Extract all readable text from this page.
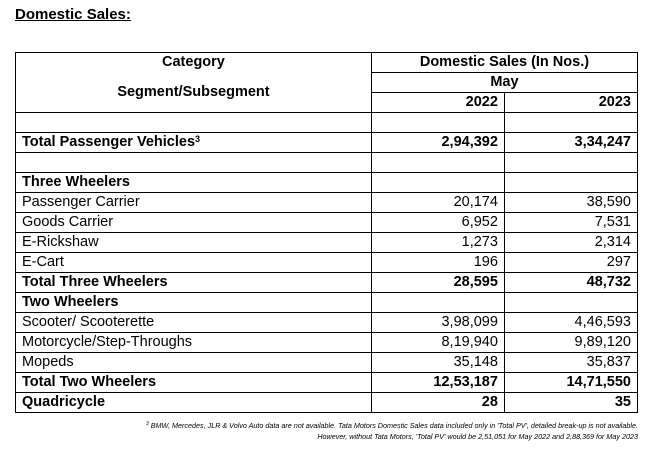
Domestic Sales:
Category	Domestic Sales (In Nos.)	
Segment/Subsegment	May	
	2022	2023

Total Passenger Vehicles$^3$	2,94,392	3,34,247

Three Wheelers		
Passenger Carrier	20,174	38,590
Goods Carrier	6,952	7,531
E-Rickshaw	1,273	2,314
E-Cart	196	297
Total Three Wheelers	28,595	48,732
Two Wheelers		
Scooter/ Scooterette	3,98,099	4,46,593
Motorcycle/Step-Throughs	8,19,940	9,89,120
Mopeds	35,148	35,837
Total Two Wheelers	12,53,187	14,71,550
Quadricycle	28	35
$^3$ BMW, Mercedes, JLR & Volvo Auto data are not available. Tata Motors Domestic Sales data included only in 'Total PV', detailed break-up is not available.
However, without Tata Motors, 'Total PV' would be 2,51,051 for May 2022 and 2,88,369 for May 2023
